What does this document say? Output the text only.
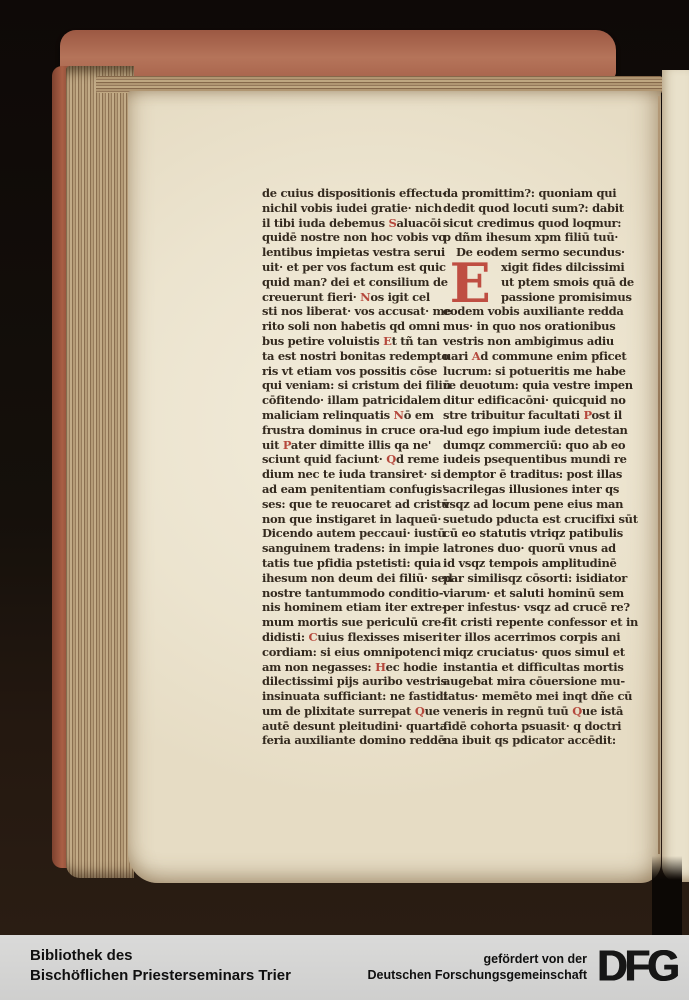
de cuius dispositionis effectu-
nichil vobis iudei gratie· nich
il tibi iuda debemus Saluacōi
quidē nostre non hoc vobis vo
lentibus impietas vestra serui
uit· et per vos factum est quic
quid man? dei et consilium de
creuerunt fieri· Nos igit cel
sti nos liberat· vos accusat· me
rito soli non habetis qd omni
bus petire voluistis Et tñ tan
ta est nostri bonitas redempto
ris vt etiam vos possitis cōse
qui veniam: si cristum dei filiū
cōfitendo· illam patricidalem
maliciam relinquatis Nō em
frustra dominus in cruce ora-
uit Pater dimitte illis qa ne'
sciunt quid faciunt· Qd reme
dium nec te iuda transiret· si
ad eam penitentiam confugis'
ses: que te reuocaret ad cristū
non que instigaret in laqueū·
Dicendo autem peccaui· iustū
sanguinem tradens: in impie
tatis tue pfidia pstetisti: quia
ihesum non deum dei filiū· sed
nostre tantummodo conditio-
nis hominem etiam iter extre-
mum mortis sue periculū cre-
didisti: Cuius flexisses miseri
cordiam: si eius omnipotenci
am non negasses: Hec hodie
dilectissimi pijs auribo vestris
insinuata sufficiant: ne fastidi
um de plixitate surrepat Que
autē desunt pleitudini· quarta
feria auxiliante domino reddē
da promittim?: quoniam qui
dedit quod locuti sum?: dabit
sicut credimus quod loqmur:
p dñm ihesum xpm filiū tuū·
De eodem sermo secundus·
E xigit fides dilcissimi
ut ptem smois quā de
passione promisimus
eodem vobis auxiliante redda
mus· in quo nos orationibus
vestris non ambigimus adiu
uari Ad commune enim pficet
lucrum: si potueritis me habe
re deuotum: quia vestre impen
ditur edificacōni· quicquid no
stre tribuitur facultati Post il
lud ego impium iude detestan
dumqz commerciū: quo ab eo
iudeis psequentibus mundi re
demptor ē traditus: post illas
sacrilegas illusiones inter qs
vsqz ad locum pene eius man
suetudo pducta est crucifixi sūt
cū eo statutis vtriqz patibulis
latrones duo· quorū vnus ad
id vsqz tempois amplitudinē
par similisqz cōsorti: isidiator
viarum· et saluti hominū sem
per infestus· vsqz ad crucē re?
fit cristi repente confessor et in
ter illos acerrimos corpis ani
miqz cruciatus· quos simul et
instantia et difficultas mortis
augebat mira cōuersione mu-
tatus· memēto mei inqt dñe cū
veneris in regnū tuū Que istā
fidē cohorta psuasit· q doctri
na ibuit qs pdicator accēdit:
Bibliothek des
Bischöflichen Priesterseminars Trier
gefördert von der
Deutschen Forschungsgemeinschaft DFG
